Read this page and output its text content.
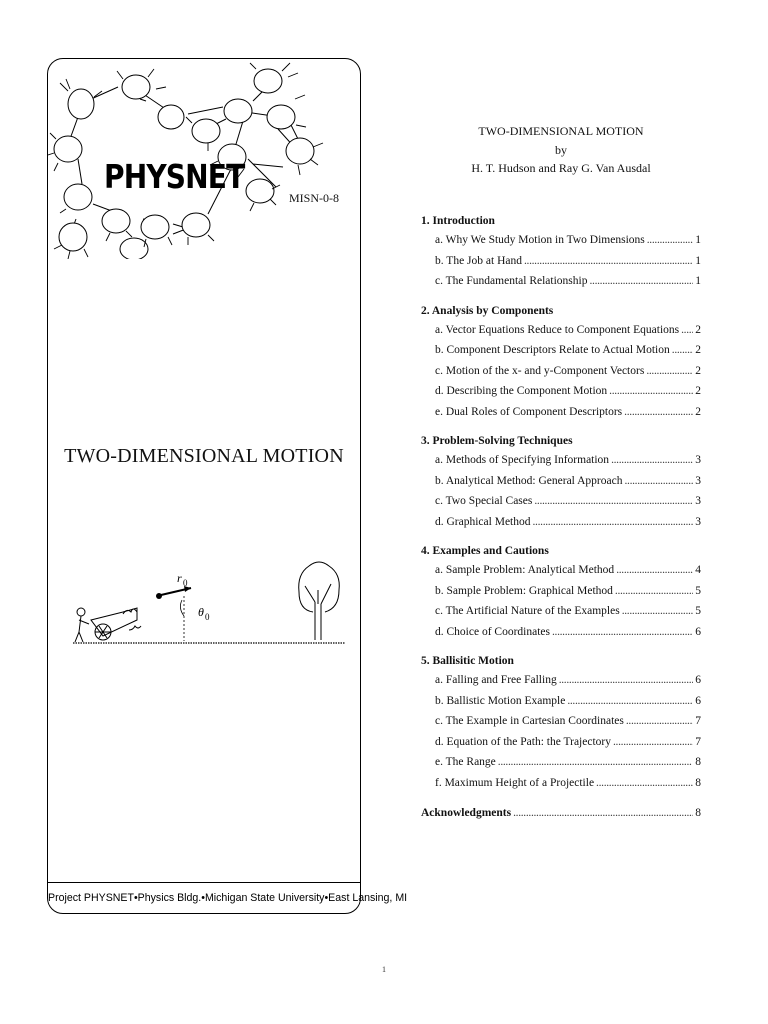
PHYSNET
MISN-0-8
TWO-DIMENSIONAL MOTION
r 0
θ 0
Project PHYSNET•Physics Bldg.•Michigan State University•East Lansing, MI
TWO-DIMENSIONAL MOTION
by
H. T. Hudson and Ray G. Van Ausdal
1. Introduction
a. Why We Study Motion in Two Dimensions . . .	1
b. The Job at Hand . . .	1
c. The Fundamental Relationship . . .	1
2. Analysis by Components
a. Vector Equations Reduce to Component Equations . . . 2
b. Component Descriptors Relate to Actual Motion . . . 2
c. Motion of the x- and y-Component Vectors . . .	2
d. Describing the Component Motion . . .	2
e. Dual Roles of Component Descriptors . . .	2
3. Problem-Solving Techniques
a. Methods of Specifying Information . . .	3
b. Analytical Method: General Approach . . .	3
c. Two Special Cases . . .	3
d. Graphical Method . . .	3
4. Examples and Cautions
a. Sample Problem: Analytical Method . . .	4
b. Sample Problem: Graphical Method . . .	5
c. The Artificial Nature of the Examples . . .	5
d. Choice of Coordinates . . .	6
5. Ballisitic Motion
a. Falling and Free Falling . . .	6
b. Ballistic Motion Example . . .	6
c. The Example in Cartesian Coordinates . . .	7
d. Equation of the Path: the Trajectory . . .	7
e. The Range . . .	8
f. Maximum Height of a Projectile . . .	8
Acknowledgments . . .	8
1
